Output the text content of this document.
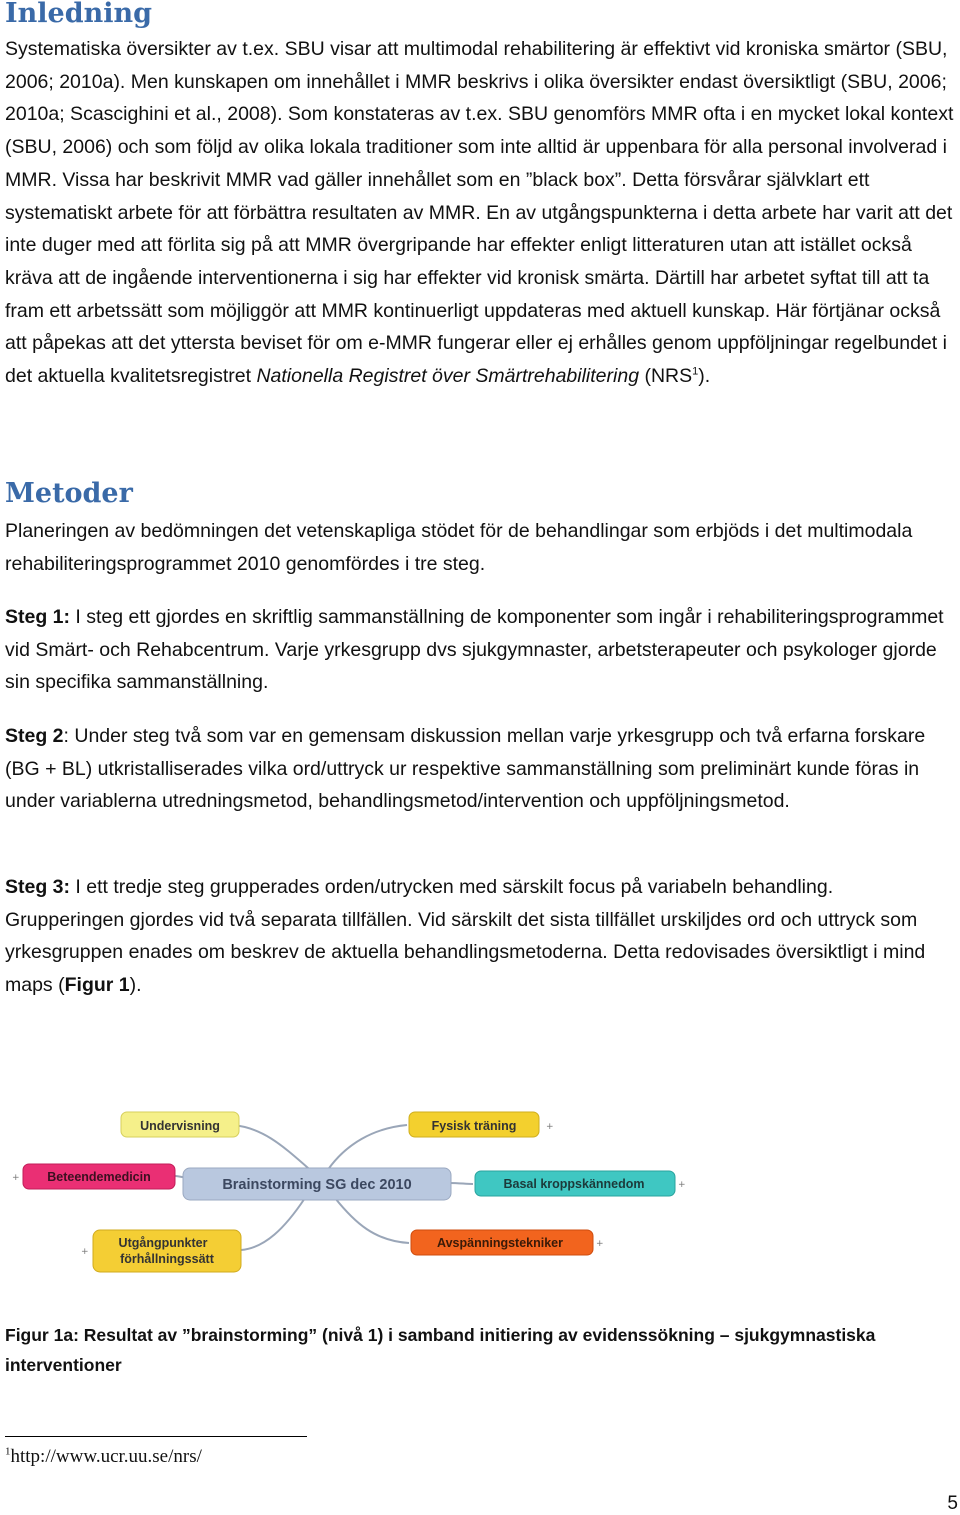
Inledning

Systematiska översikter av t.ex. SBU visar att multimodal rehabilitering är effektivt vid kroniska smärtor (SBU, 2006; 2010a). Men kunskapen om innehållet i MMR beskrivs i olika översikter endast översiktligt (SBU, 2006; 2010a; Scascighini et al., 2008). Som konstateras av t.ex. SBU genomförs MMR ofta i en mycket lokal kontext (SBU, 2006) och som följd av olika lokala traditioner som inte alltid är uppenbara för alla personal involverad i MMR. Vissa har beskrivit MMR vad gäller innehållet som en ”black box”. Detta försvårar självklart ett systematiskt arbete för att förbättra resultaten av MMR. En av utgångspunkterna i detta arbete har varit att det inte duger med att förlita sig på att MMR övergripande har effekter enligt litteraturen utan att istället också kräva att de ingående interventionerna i sig har effekter vid kronisk smärta. Därtill har arbetet syftat till att ta fram ett arbetssätt som möjliggör att MMR kontinuerligt uppdateras med aktuell kunskap. Här förtjänar också att påpekas att det yttersta beviset för om e-MMR fungerar eller ej erhålles genom uppföljningar regelbundet i det aktuella kvalitetsregistret Nationella Registret över Smärtrehabilitering (NRS$^1$).

Metoder

Planeringen av bedömningen det vetenskapliga stödet för de behandlingar som erbjöds i det multimodala rehabiliteringsprogrammet 2010 genomfördes i tre steg.

Steg 1: I steg ett gjordes en skriftlig sammanställning de komponenter som ingår i rehabiliteringsprogrammet vid Smärt- och Rehabcentrum. Varje yrkesgrupp dvs sjukgymnaster, arbetsterapeuter och psykologer gjorde sin specifika sammanställning.

Steg 2: Under steg två som var en gemensam diskussion mellan varje yrkesgrupp och två erfarna forskare (BG + BL) utkristalliserades vilka ord/uttryck ur respektive sammanställning som preliminärt kunde föras in under variablerna utredningsmetod, behandlingsmetod/intervention och uppföljningsmetod.

Steg 3: I ett tredje steg grupperades orden/utrycken med särskilt focus på variabeln behandling. Grupperingen gjordes vid två separata tillfällen. Vid särskilt det sista tillfället urskiljdes ord och uttryck som yrkesgruppen enades om beskrev de aktuella behandlingsmetoderna. Detta redovisades översiktligt i mind maps (Figur 1).

Brainstorming SG dec 2010
Undervisning	Fysisk träning	+
Beteendemedicin
+	Basal kroppskännedom	+
Utgångpunkter
förhållningssätt
+
Avspänningstekniker	+

Figur 1a: Resultat av ”brainstorming” (nivå 1) i samband initiering av evidenssökning – sjukgymnastiska interventioner

$^1$http://www.ucr.uu.se/nrs/
5
